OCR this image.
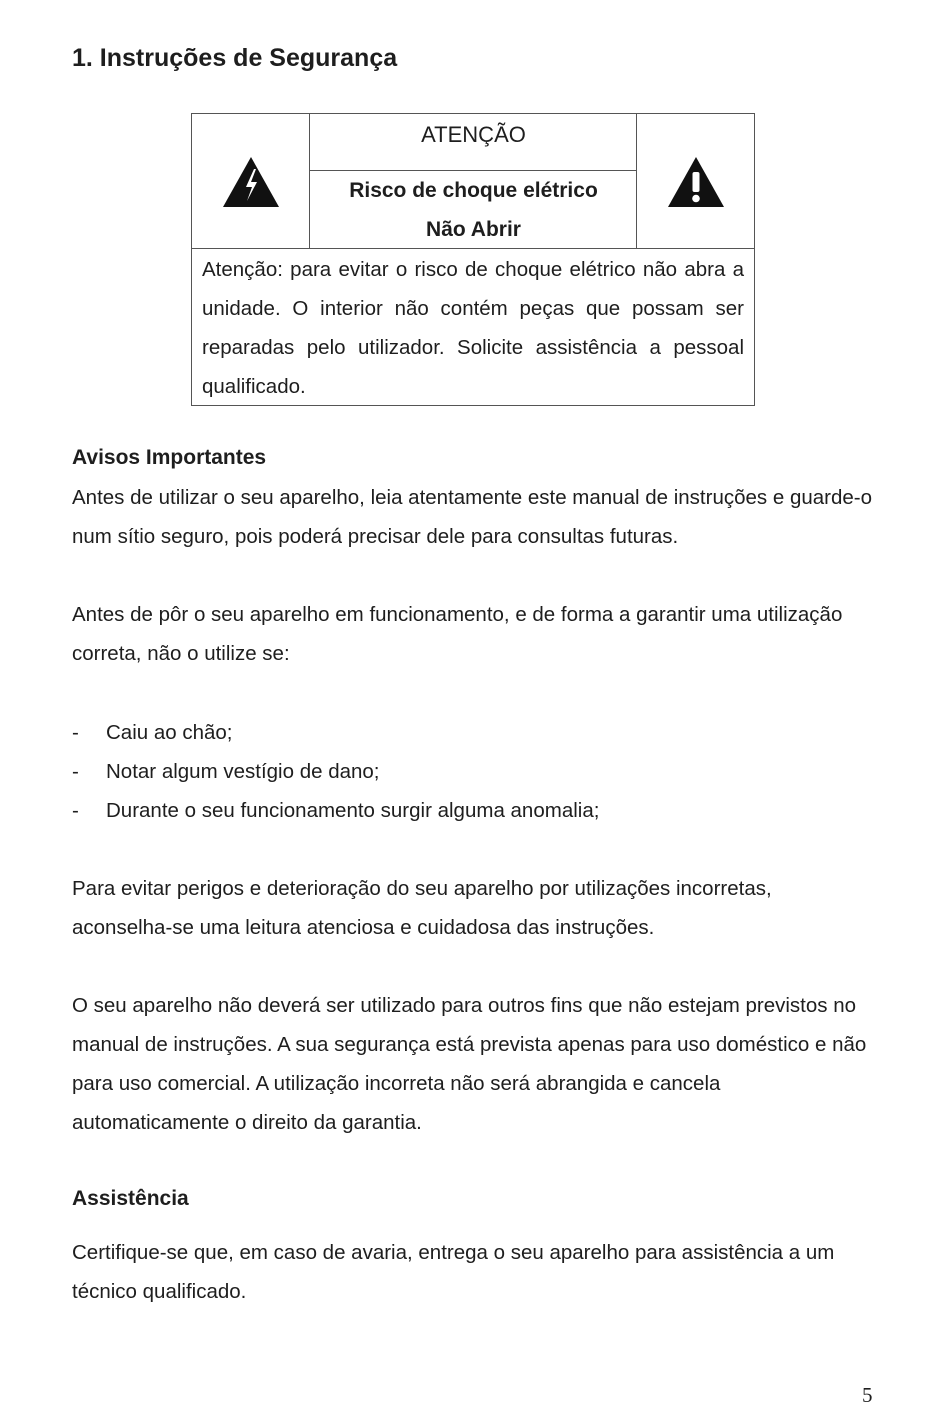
1. Instruções de Segurança
ATENÇÃO
Risco de choque elétrico
Não Abrir
Atenção: para evitar o risco de choque elétrico não abra a unidade. O interior não contém peças que possam ser reparadas pelo utilizador. Solicite assistência a pessoal qualificado.
Avisos Importantes

Antes de utilizar o seu aparelho, leia atentamente este manual de instruções e guarde-o num sítio seguro, pois poderá precisar dele para consultas futuras.

Antes de pôr o seu aparelho em funcionamento, e de forma a garantir uma utilização correta, não o utilize se:

-	Caiu ao chão;
-	Notar algum vestígio de dano;
-	Durante o seu funcionamento surgir alguma anomalia;

Para evitar perigos e deterioração do seu aparelho por utilizações incorretas, aconselha-se uma leitura atenciosa e cuidadosa das instruções.

O seu aparelho não deverá ser utilizado para outros fins que não estejam previstos no manual de instruções. A sua segurança está prevista apenas para uso doméstico e não para uso comercial. A utilização incorreta não será abrangida e cancela automaticamente o direito da garantia.

Assistência

Certifique-se que, em caso de avaria, entrega o seu aparelho para assistência a um técnico qualificado.

5
